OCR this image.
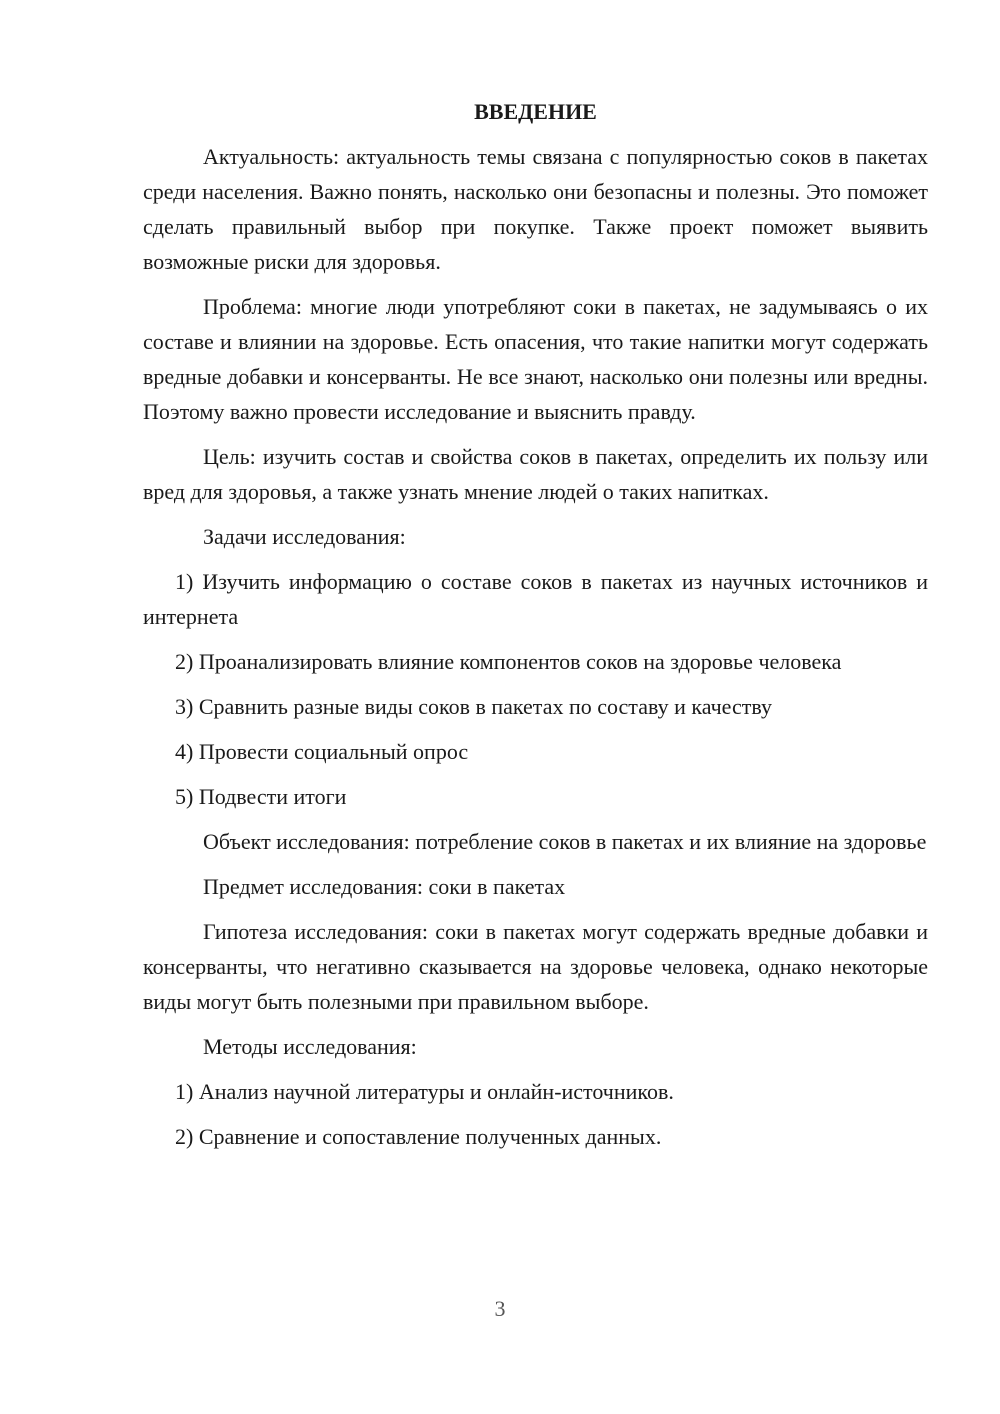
ВВЕДЕНИЕ

Актуальность: актуальность темы связана с популярностью соков в пакетах среди населения. Важно понять, насколько они безопасны и полезны. Это поможет сделать правильный выбор при покупке. Также проект поможет выявить возможные риски для здоровья.

Проблема: многие люди употребляют соки в пакетах, не задумываясь о их составе и влиянии на здоровье. Есть опасения, что такие напитки могут содержать вредные добавки и консерванты. Не все знают, насколько они полезны или вредны. Поэтому важно провести исследование и выяснить правду.

Цель: изучить состав и свойства соков в пакетах, определить их пользу или вред для здоровья, а также узнать мнение людей о таких напитках.

Задачи исследования:

1) Изучить информацию о составе соков в пакетах из научных источников и интернета

2) Проанализировать влияние компонентов соков на здоровье человека

3) Сравнить разные виды соков в пакетах по составу и качеству

4) Провести социальный опрос

5) Подвести итоги

Объект исследования: потребление соков в пакетах и их влияние на здоровье

Предмет исследования: соки в пакетах

Гипотеза исследования: соки в пакетах могут содержать вредные добавки и консерванты, что негативно сказывается на здоровье человека, однако некоторые виды могут быть полезными при правильном выборе.

Методы исследования:

1) Анализ научной литературы и онлайн-источников.

2) Сравнение и сопоставление полученных данных.

3
